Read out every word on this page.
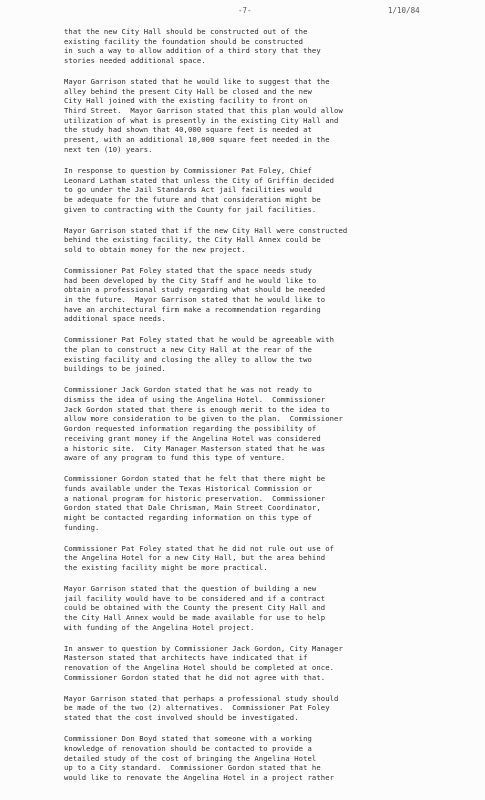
-7-	1/10/84
that the new City Hall should be constructed out of the
existing facility the foundation should be constructed
in such a way to allow addition of a third story that they
stories needed additional space.
Mayor Garrison stated that he would like to suggest that the
alley behind the present City Hall be closed and the new
City Hall joined with the existing facility to front on
Third Street.  Mayor Garrison stated that this plan would allow
utilization of what is presently in the existing City Hall and
the study had shown that 40,000 square feet is needed at
present, with an additional 10,000 square feet needed in the
next ten (10) years.
In response to question by Commissioner Pat Foley, Chief
Leonard Latham stated that unless the City of Griffin decided
to go under the Jail Standards Act jail facilities would
be adequate for the future and that consideration might be
given to contracting with the County for jail facilities.
Mayor Garrison stated that if the new City Hall were constructed
behind the existing facility, the City Hall Annex could be
sold to obtain money for the new project.
Commissioner Pat Foley stated that the space needs study
had been developed by the City Staff and he would like to
obtain a professional study regarding what should be needed
in the future.  Mayor Garrison stated that he would like to
have an architectural firm make a recommendation regarding
additional space needs.
Commissioner Pat Foley stated that he would be agreeable with
the plan to construct a new City Hall at the rear of the
existing facility and closing the alley to allow the two
buildings to be joined.
Commissioner Jack Gordon stated that he was not ready to
dismiss the idea of using the Angelina Hotel.  Commissioner
Jack Gordon stated that there is enough merit to the idea to
allow more consideration to be given to the plan.  Commissioner
Gordon requested information regarding the possibility of
receiving grant money if the Angelina Hotel was considered
a historic site.  City Manager Masterson stated that he was
aware of any program to fund this type of venture.
Commissioner Gordon stated that he felt that there might be
funds available under the Texas Historical Commission or
a national program for historic preservation.  Commissioner
Gordon stated that Dale Chrisman, Main Street Coordinator,
might be contacted regarding information on this type of
funding.
Commissioner Pat Foley stated that he did not rule out use of
the Angelina Hotel for a new City Hall, but the area behind
the existing facility might be more practical.
Mayor Garrison stated that the question of building a new
jail facility would have to be considered and if a contract
could be obtained with the County the present City Hall and
the City Hall Annex would be made available for use to help
with funding of the Angelina Hotel project.
In answer to question by Commissioner Jack Gordon, City Manager
Masterson stated that architects have indicated that if
renovation of the Angelina Hotel should be completed at once.
Commissioner Gordon stated that he did not agree with that.
Mayor Garrison stated that perhaps a professional study should
be made of the two (2) alternatives.  Commissioner Pat Foley
stated that the cost involved should be investigated.
Commissioner Don Boyd stated that someone with a working
knowledge of renovation should be contacted to provide a
detailed study of the cost of bringing the Angelina Hotel
up to a City standard.  Commissioner Gordon stated that he
would like to renovate the Angelina Hotel in a project rather
